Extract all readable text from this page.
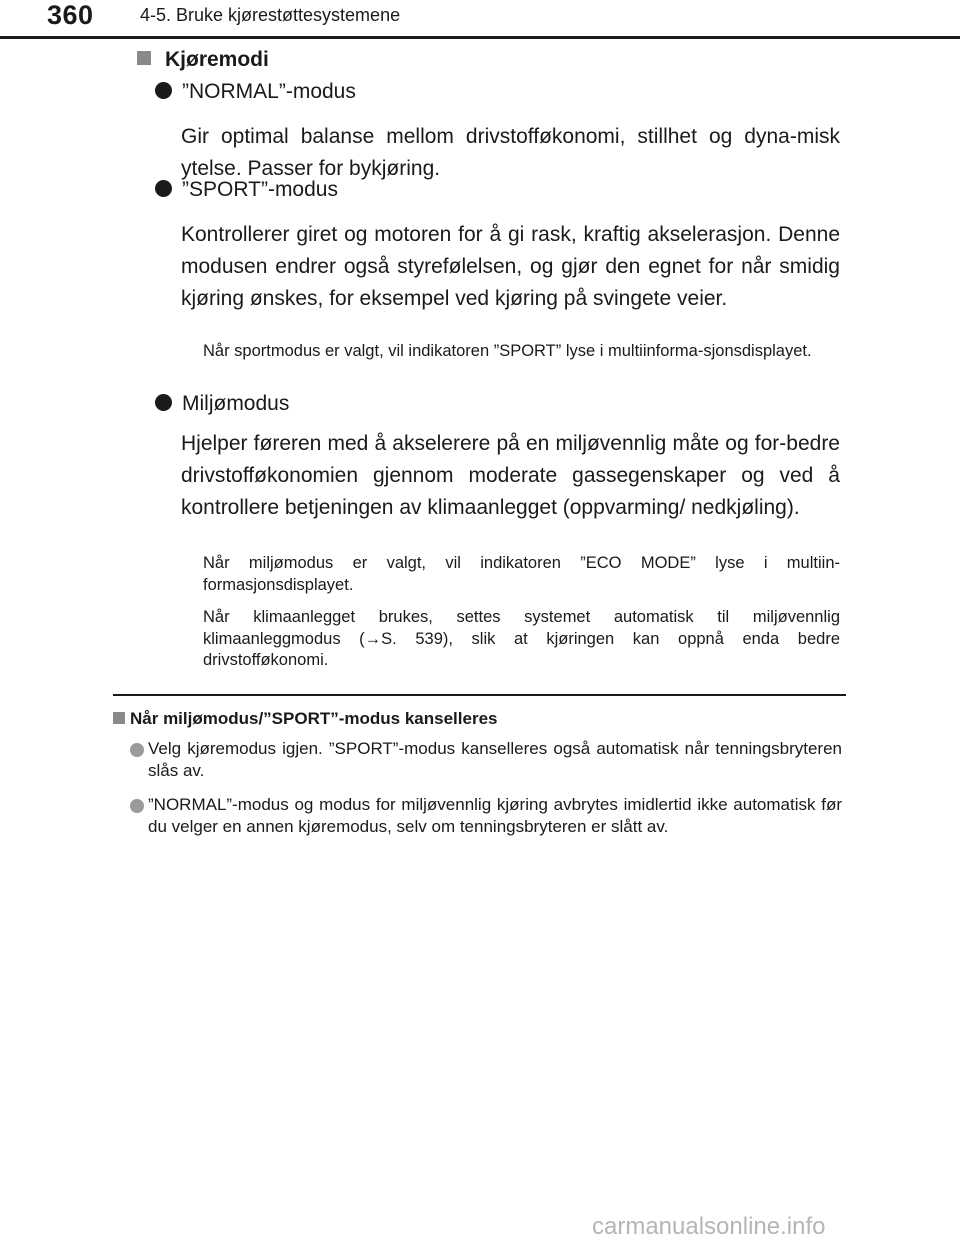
360	4-5. Bruke kjørestøttesystemene
Kjøremodi
”NORMAL”-modus
Gir optimal balanse mellom drivstofføkonomi, stillhet og dyna-misk ytelse. Passer for bykjøring.
”SPORT”-modus
Kontrollerer giret og motoren for å gi rask, kraftig akselerasjon. Denne modusen endrer også styrefølelsen, og gjør den egnet for når smidig kjøring ønskes, for eksempel ved kjøring på svingete veier.
Når sportmodus er valgt, vil indikatoren ”SPORT” lyse i multiinforma-sjonsdisplayet.
Miljømodus
Hjelper føreren med å akselerere på en miljøvennlig måte og for-bedre drivstofføkonomien gjennom moderate gassegenskaper og ved å kontrollere betjeningen av klimaanlegget (oppvarming/ nedkjøling).
Når miljømodus er valgt, vil indikatoren ”ECO MODE” lyse i multiin-formasjonsdisplayet.
Når klimaanlegget brukes, settes systemet automatisk til miljøvennlig klimaanleggmodus (→S. 539), slik at kjøringen kan oppnå enda bedre drivstofføkonomi.
Når miljømodus/”SPORT”-modus kanselleres
Velg kjøremodus igjen. ”SPORT”-modus kanselleres også automatisk når tenningsbryteren slås av.
”NORMAL”-modus og modus for miljøvennlig kjøring avbrytes imidlertid ikke automatisk før du velger en annen kjøremodus, selv om tenningsbryteren er slått av.
carmanualsonline.info
